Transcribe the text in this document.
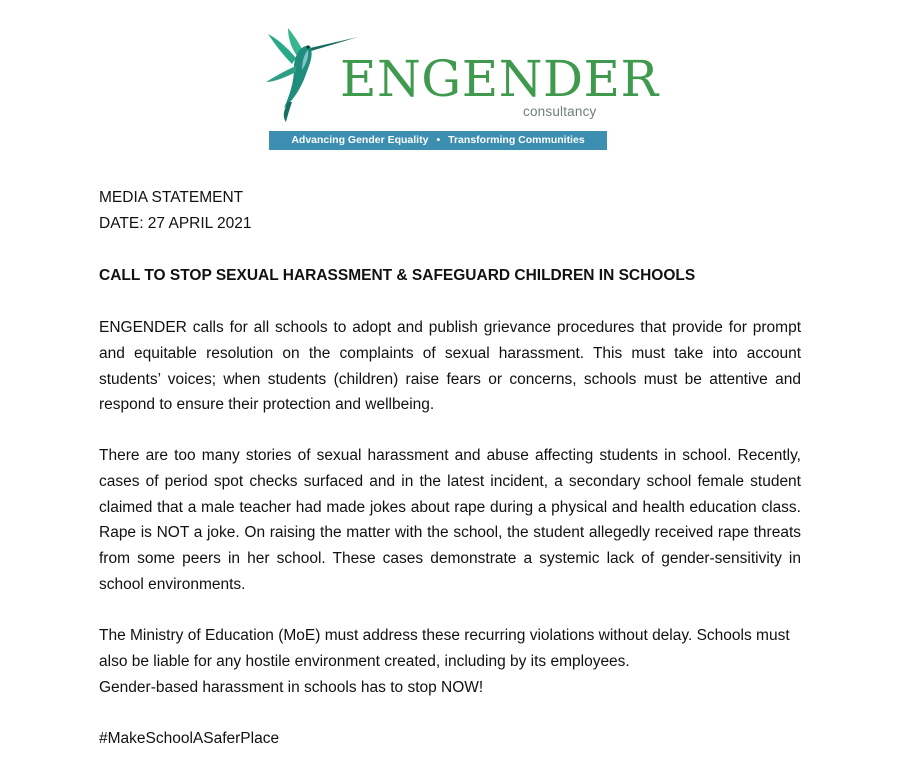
ENGENDER
consultancy
Advancing Gender Equality • Transforming Communities
MEDIA STATEMENT
DATE: 27 APRIL 2021
CALL TO STOP SEXUAL HARASSMENT & SAFEGUARD CHILDREN IN SCHOOLS
ENGENDER calls for all schools to adopt and publish grievance procedures that provide for prompt and equitable resolution on the complaints of sexual harassment. This must take into account students’ voices; when students (children) raise fears or concerns, schools must be attentive and respond to ensure their protection and wellbeing.
There are too many stories of sexual harassment and abuse affecting students in school. Recently, cases of period spot checks surfaced and in the latest incident, a secondary school female student claimed that a male teacher had made jokes about rape during a physical and health education class. Rape is NOT a joke. On raising the matter with the school, the student allegedly received rape threats from some peers in her school. These cases demonstrate a systemic lack of gender-sensitivity in school environments.
The Ministry of Education (MoE) must address these recurring violations without delay. Schools must also be liable for any hostile environment created, including by its employees.
Gender-based harassment in schools has to stop NOW!
#MakeSchoolASaferPlace
